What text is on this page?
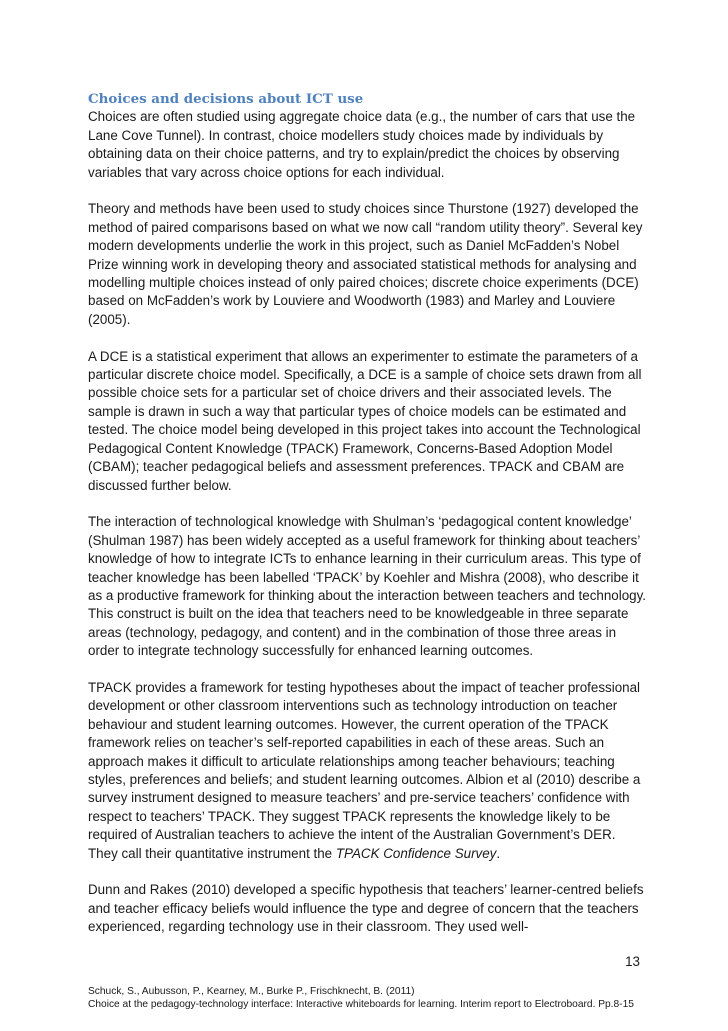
Choices and decisions about ICT use

Choices are often studied using aggregate choice data (e.g., the number of cars that use the Lane Cove Tunnel). In contrast, choice modellers study choices made by individuals by obtaining data on their choice patterns, and try to explain/predict the choices by observing variables that vary across choice options for each individual.

Theory and methods have been used to study choices since Thurstone (1927) developed the method of paired comparisons based on what we now call “random utility theory”. Several key modern developments underlie the work in this project, such as Daniel McFadden’s Nobel Prize winning work in developing theory and associated statistical methods for analysing and modelling multiple choices instead of only paired choices; discrete choice experiments (DCE) based on McFadden’s work by Louviere and Woodworth (1983) and Marley and Louviere (2005).

A DCE is a statistical experiment that allows an experimenter to estimate the parameters of a particular discrete choice model. Specifically, a DCE is a sample of choice sets drawn from all possible choice sets for a particular set of choice drivers and their associated levels. The sample is drawn in such a way that particular types of choice models can be estimated and tested. The choice model being developed in this project takes into account the Technological Pedagogical Content Knowledge (TPACK) Framework, Concerns-Based Adoption Model (CBAM); teacher pedagogical beliefs and assessment preferences. TPACK and CBAM are discussed further below.

The interaction of technological knowledge with Shulman’s ‘pedagogical content knowledge’ (Shulman 1987) has been widely accepted as a useful framework for thinking about teachers’ knowledge of how to integrate ICTs to enhance learning in their curriculum areas. This type of teacher knowledge has been labelled ‘TPACK’ by Koehler and Mishra (2008), who describe it as a productive framework for thinking about the interaction between teachers and technology. This construct is built on the idea that teachers need to be knowledgeable in three separate areas (technology, pedagogy, and content) and in the combination of those three areas in order to integrate technology successfully for enhanced learning outcomes.

TPACK provides a framework for testing hypotheses about the impact of teacher professional development or other classroom interventions such as technology introduction on teacher behaviour and student learning outcomes. However, the current operation of the TPACK framework relies on teacher’s self-reported capabilities in each of these areas. Such an approach makes it difficult to articulate relationships among teacher behaviours; teaching styles, preferences and beliefs; and student learning outcomes. Albion et al (2010) describe a survey instrument designed to measure teachers’ and pre-service teachers’ confidence with respect to teachers’ TPACK. They suggest TPACK represents the knowledge likely to be required of Australian teachers to achieve the intent of the Australian Government’s DER. They call their quantitative instrument the TPACK Confidence Survey.

Dunn and Rakes (2010) developed a specific hypothesis that teachers’ learner-centred beliefs and teacher efficacy beliefs would influence the type and degree of concern that the teachers experienced, regarding technology use in their classroom. They used well-

13
Schuck, S., Aubusson, P., Kearney, M., Burke P., Frischknecht, B. (2011)
Choice at the pedagogy-technology interface: Interactive whiteboards for learning. Interim report to Electroboard. Pp.8-15
